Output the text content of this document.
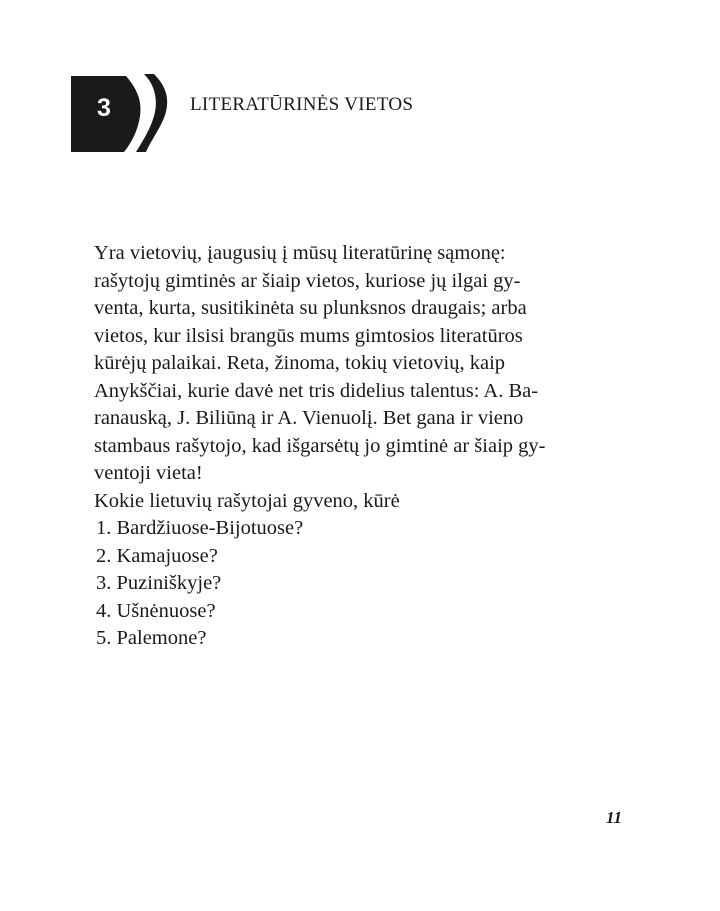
3	LITERATŪRINĖS VIETOS
Yra vietovių, įaugusių į mūsų literatūrinę sąmonę:
rašytojų gimtinės ar šiaip vietos, kuriose jų ilgai gy-
venta, kurta, susitikinėta su plunksnos draugais; arba
vietos, kur ilsisi brangūs mums gimtosios literatūros
kūrėjų palaikai. Reta, žinoma, tokių vietovių, kaip
Anykščiai, kurie davė net tris didelius talentus: A. Ba-
ranauską, J. Biliūną ir A. Vienuolį. Bet gana ir vieno
stambaus rašytojo, kad išgarsėtų jo gimtinė ar šiaip gy-
ventoji vieta!
Kokie lietuvių rašytojai gyveno, kūrė
1. Bardžiuose-Bijotuose?
2. Kamajuose?
3. Puziniškyje?
4. Ušnėnuose?
5. Palemone?
11
